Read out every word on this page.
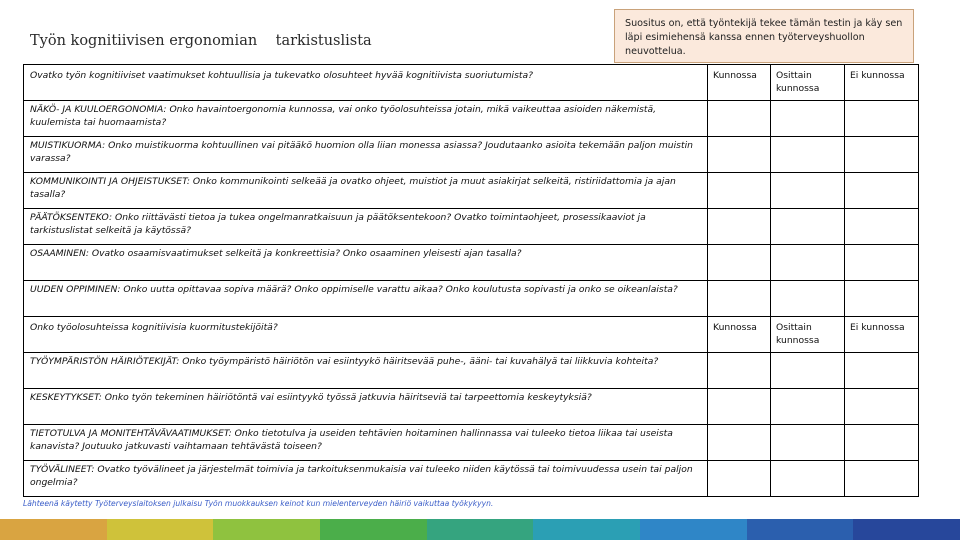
Työn kognitiivisen ergonomian    tarkistuslista
Suositus on, että työntekijä tekee tämän testin ja käy sen läpi esimiehensä kanssa ennen työterveyshuollon neuvottelua.
Ovatko työn kognitiiviset vaatimukset kohtuullisia ja tukevatko olosuhteet hyvää kognitiivista suoriutumista?	Kunnossa	Osittain kunnossa	Ei kunnossa
NÄKÖ- JA KUULOERGONOMIA: Onko havaintoergonomia kunnossa, vai onko työolosuhteissa jotain, mikä vaikeuttaa asioiden näkemistä, kuulemista tai huomaamista?			
MUISTIKUORMA: Onko muistikuorma kohtuullinen vai pitääkö huomion olla liian monessa asiassa? Joudutaanko asioita tekemään paljon muistin varassa?			
KOMMUNIKOINTI JA OHJEISTUKSET: Onko kommunikointi selkeää ja ovatko ohjeet, muistiot ja muut asiakirjat selkeitä, ristiriidattomia ja ajan tasalla?			
PÄÄTÖKSENTEKO: Onko riittävästi tietoa ja tukea ongelmanratkaisuun ja päätöksentekoon? Ovatko toimintaohjeet, prosessikaaviot ja tarkistuslistat selkeitä ja käytössä?			
OSAAMINEN: Ovatko osaamisvaatimukset selkeitä ja konkreettisia? Onko osaaminen yleisesti ajan tasalla?			
UUDEN OPPIMINEN: Onko uutta opittavaa sopiva määrä? Onko oppimiselle varattu aikaa? Onko koulutusta sopivasti ja onko se oikeanlaista?			
Onko työolosuhteissa kognitiivisia kuormitustekijöitä?	Kunnossa	Osittain kunnossa	Ei kunnossa
TYÖYMPÄRISTÖN HÄIRIÖTEKIJÄT: Onko työympäristö häiriötön vai esiintyykö häiritsevää puhe-, ääni- tai kuvahälyä tai liikkuvia kohteita?			
KESKEYTYKSET: Onko työn tekeminen häiriötöntä vai esiintyykö työssä jatkuvia häiritseviä tai tarpeettomia keskeytyksiä?			
TIETOTULVA JA MONITEHTÄVÄVAATIMUKSET: Onko tietotulva ja useiden tehtävien hoitaminen hallinnassa vai tuleeko tietoa liikaa tai useista kanavista? Joutuuko jatkuvasti vaihtamaan tehtävästä toiseen?			
TYÖVÄLINEET: Ovatko työvälineet ja järjestelmät toimivia ja tarkoituksenmukaisia vai tuleeko niiden käytössä tai toimivuudessa usein tai paljon ongelmia?			
Lähteenä käytetty Työterveyslaitoksen julkaisu Työn muokkauksen keinot kun mielenterveyden häiriö vaikuttaa työkykyyn.
